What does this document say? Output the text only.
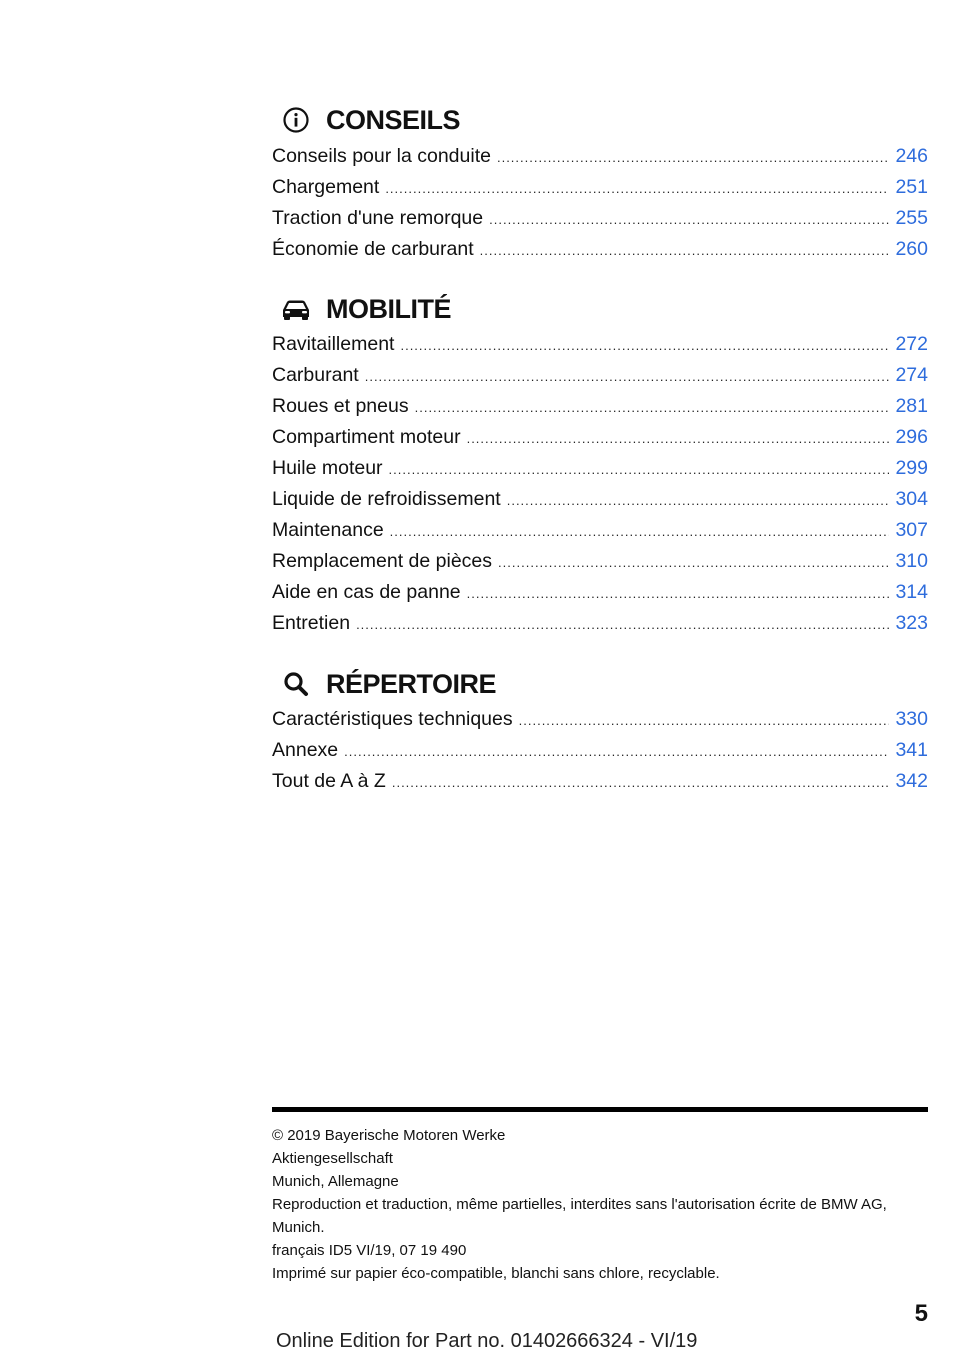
CONSEILS
Conseils pour la conduite .....	246
Chargement .....	251
Traction d'une remorque .....	255
Économie de carburant .....	260
MOBILITÉ
Ravitaillement .....	272
Carburant .....	274
Roues et pneus .....	281
Compartiment moteur .....	296
Huile moteur .....	299
Liquide de refroidissement .....	304
Maintenance .....	307
Remplacement de pièces .....	310
Aide en cas de panne .....	314
Entretien .....	323
RÉPERTOIRE
Caractéristiques techniques .....	330
Annexe .....	341
Tout de A à Z .....	342

© 2019 Bayerische Motoren Werke

Aktiengesellschaft

Munich, Allemagne

Reproduction et traduction, même partielles, interdites sans l'autorisation écrite de BMW AG,

Munich.

français ID5 VI/19, 07 19 490

Imprimé sur papier éco-compatible, blanchi sans chlore, recyclable.

5
Online Edition for Part no. 01402666324 - VI/19
